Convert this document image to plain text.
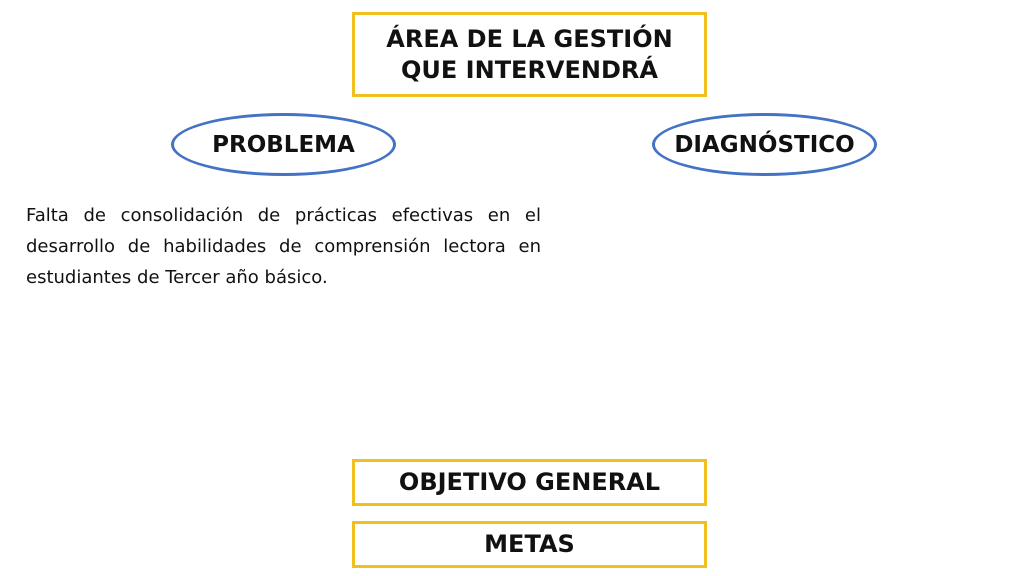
ÁREA DE LA GESTIÓN QUE INTERVENDRÁ
PROBLEMA	DIAGNÓSTICO

Falta de consolidación de prácticas efectivas en el desarrollo de habilidades de comprensión lectora en estudiantes de Tercer año básico.

OBJETIVO GENERAL
METAS
